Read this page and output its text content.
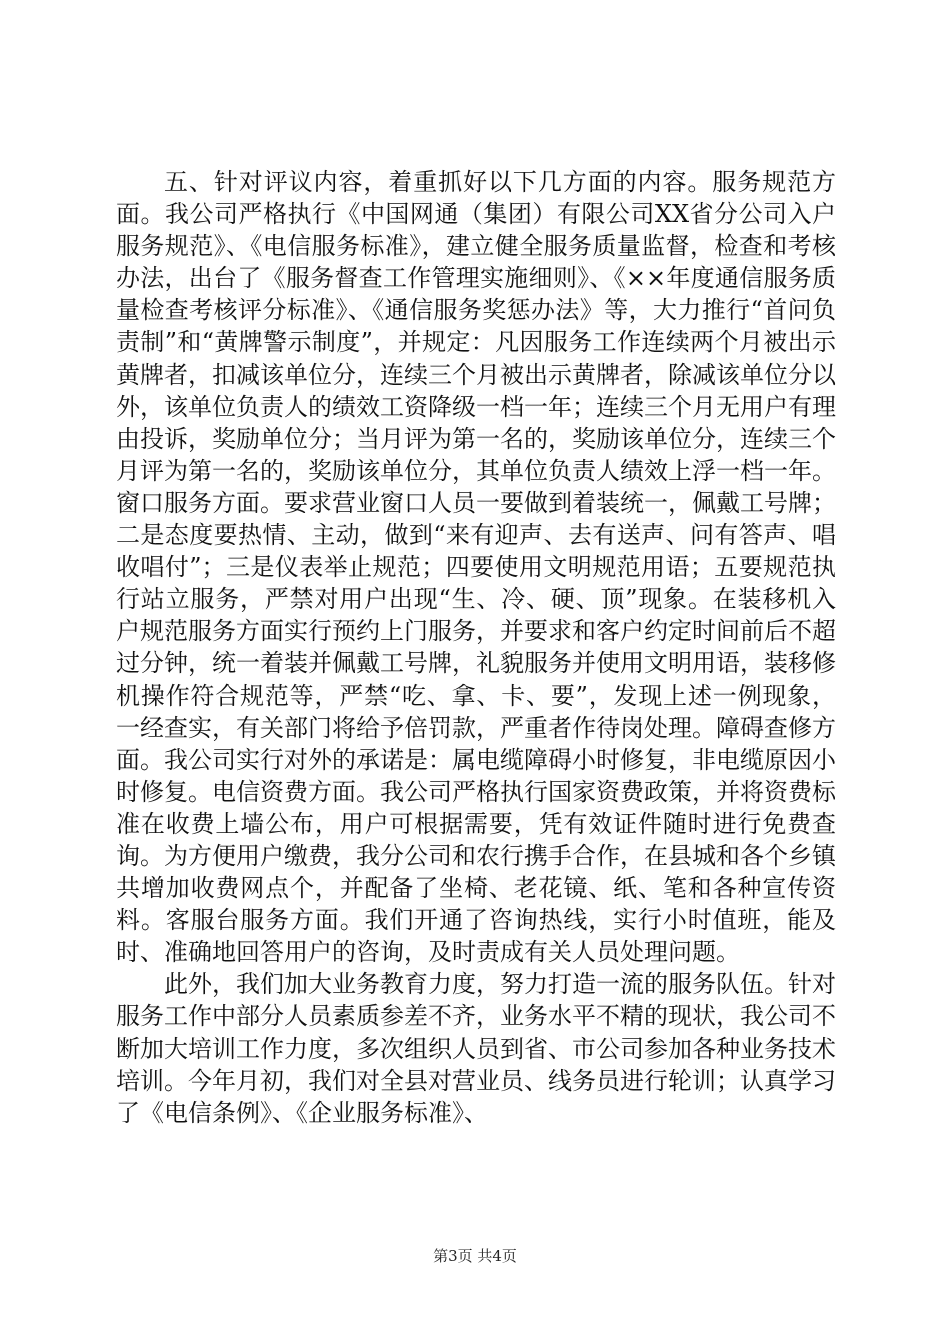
五、针对评议内容，着重抓好以下几方面的内容。服务规范方面。我公司严格执行《中国网通（集团）有限公司XX省分公司入户服务规范》、《电信服务标准》，建立健全服务质量监督，检查和考核办法，出台了《服务督查工作管理实施细则》、《××年度通信服务质量检查考核评分标准》、《通信服务奖惩办法》等，大力推行“首问负责制”和“黄牌警示制度”，并规定：凡因服务工作连续两个月被出示黄牌者，扣减该单位分，连续三个月被出示黄牌者，除减该单位分以外，该单位负责人的绩效工资降级一档一年；连续三个月无用户有理由投诉，奖励单位分；当月评为第一名的，奖励该单位分，连续三个月评为第一名的，奖励该单位分，其单位负责人绩效上浮一档一年。窗口服务方面。要求营业窗口人员一要做到着装统一，佩戴工号牌；二是态度要热情、主动，做到“来有迎声、去有送声、问有答声、唱收唱付”；三是仪表举止规范；四要使用文明规范用语；五要规范执行站立服务，严禁对用户出现“生、冷、硬、顶”现象。在装移机入户规范服务方面实行预约上门服务，并要求和客户约定时间前后不超过分钟，统一着装并佩戴工号牌，礼貌服务并使用文明用语，装移修机操作符合规范等，严禁“吃、拿、卡、要”，发现上述一例现象，一经查实，有关部门将给予倍罚款，严重者作待岗处理。障碍查修方面。我公司实行对外的承诺是：属电缆障碍小时修复，非电缆原因小时修复。电信资费方面。我公司严格执行国家资费政策，并将资费标准在收费上墙公布，用户可根据需要，凭有效证件随时进行免费查询。为方便用户缴费，我分公司和农行携手合作，在县城和各个乡镇共增加收费网点个，并配备了坐椅、老花镜、纸、笔和各种宣传资料。客服台服务方面。我们开通了咨询热线，实行小时值班，能及时、准确地回答用户的咨询，及时责成有关人员处理问题。

此外，我们加大业务教育力度，努力打造一流的服务队伍。针对服务工作中部分人员素质参差不齐，业务水平不精的现状，我公司不断加大培训工作力度，多次组织人员到省、市公司参加各种业务技术培训。今年月初，我们对全县对营业员、线务员进行轮训；认真学习了《电信条例》、《企业服务标准》、

第3页 共4页
